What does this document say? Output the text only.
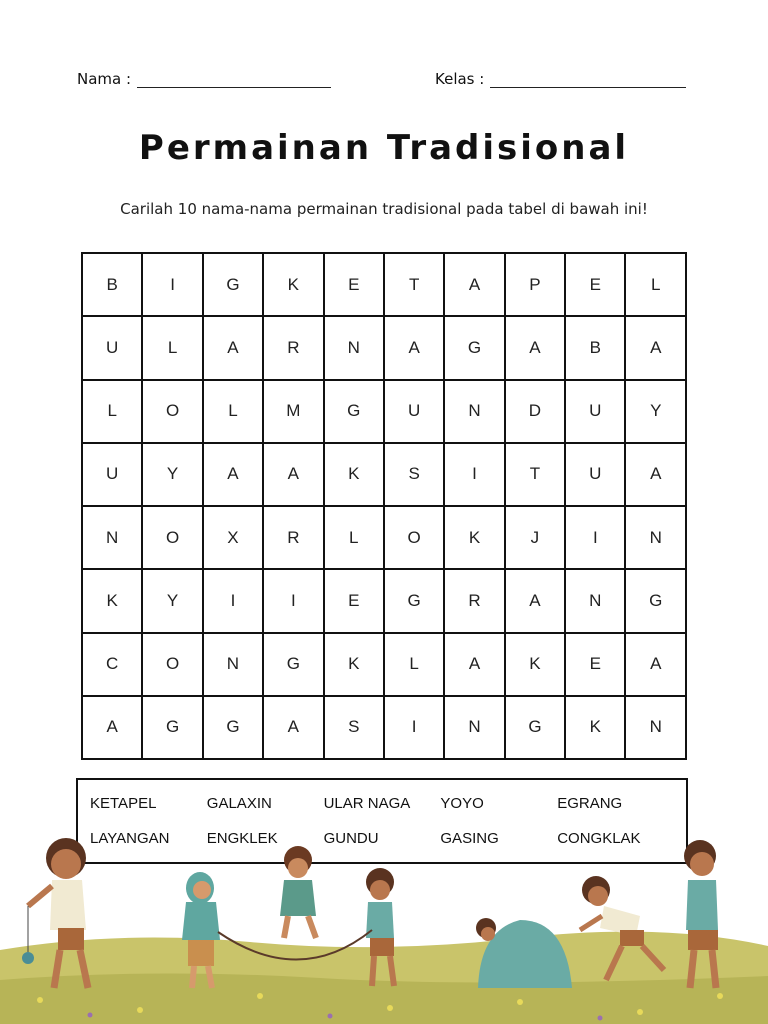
Nama :	Kelas :
Permainan Tradisional
Carilah 10 nama-nama permainan tradisional pada tabel di bawah ini!
B	I	G	K	E	T	A	P	E	L
U	L	A	R	N	A	G	A	B	A
L	O	L	M	G	U	N	D	U	Y
U	Y	A	A	K	S	I	T	U	A
N	O	X	R	L	O	K	J	I	N
K	Y	I	I	E	G	R	A	N	G
C	O	N	G	K	L	A	K	E	A
A	G	G	A	S	I	N	G	K	N
KETAPEL	GALAXIN	ULAR NAGA	YOYO	EGRANG
LAYANGAN	ENGKLEK	GUNDU	GASING	CONGKLAK
